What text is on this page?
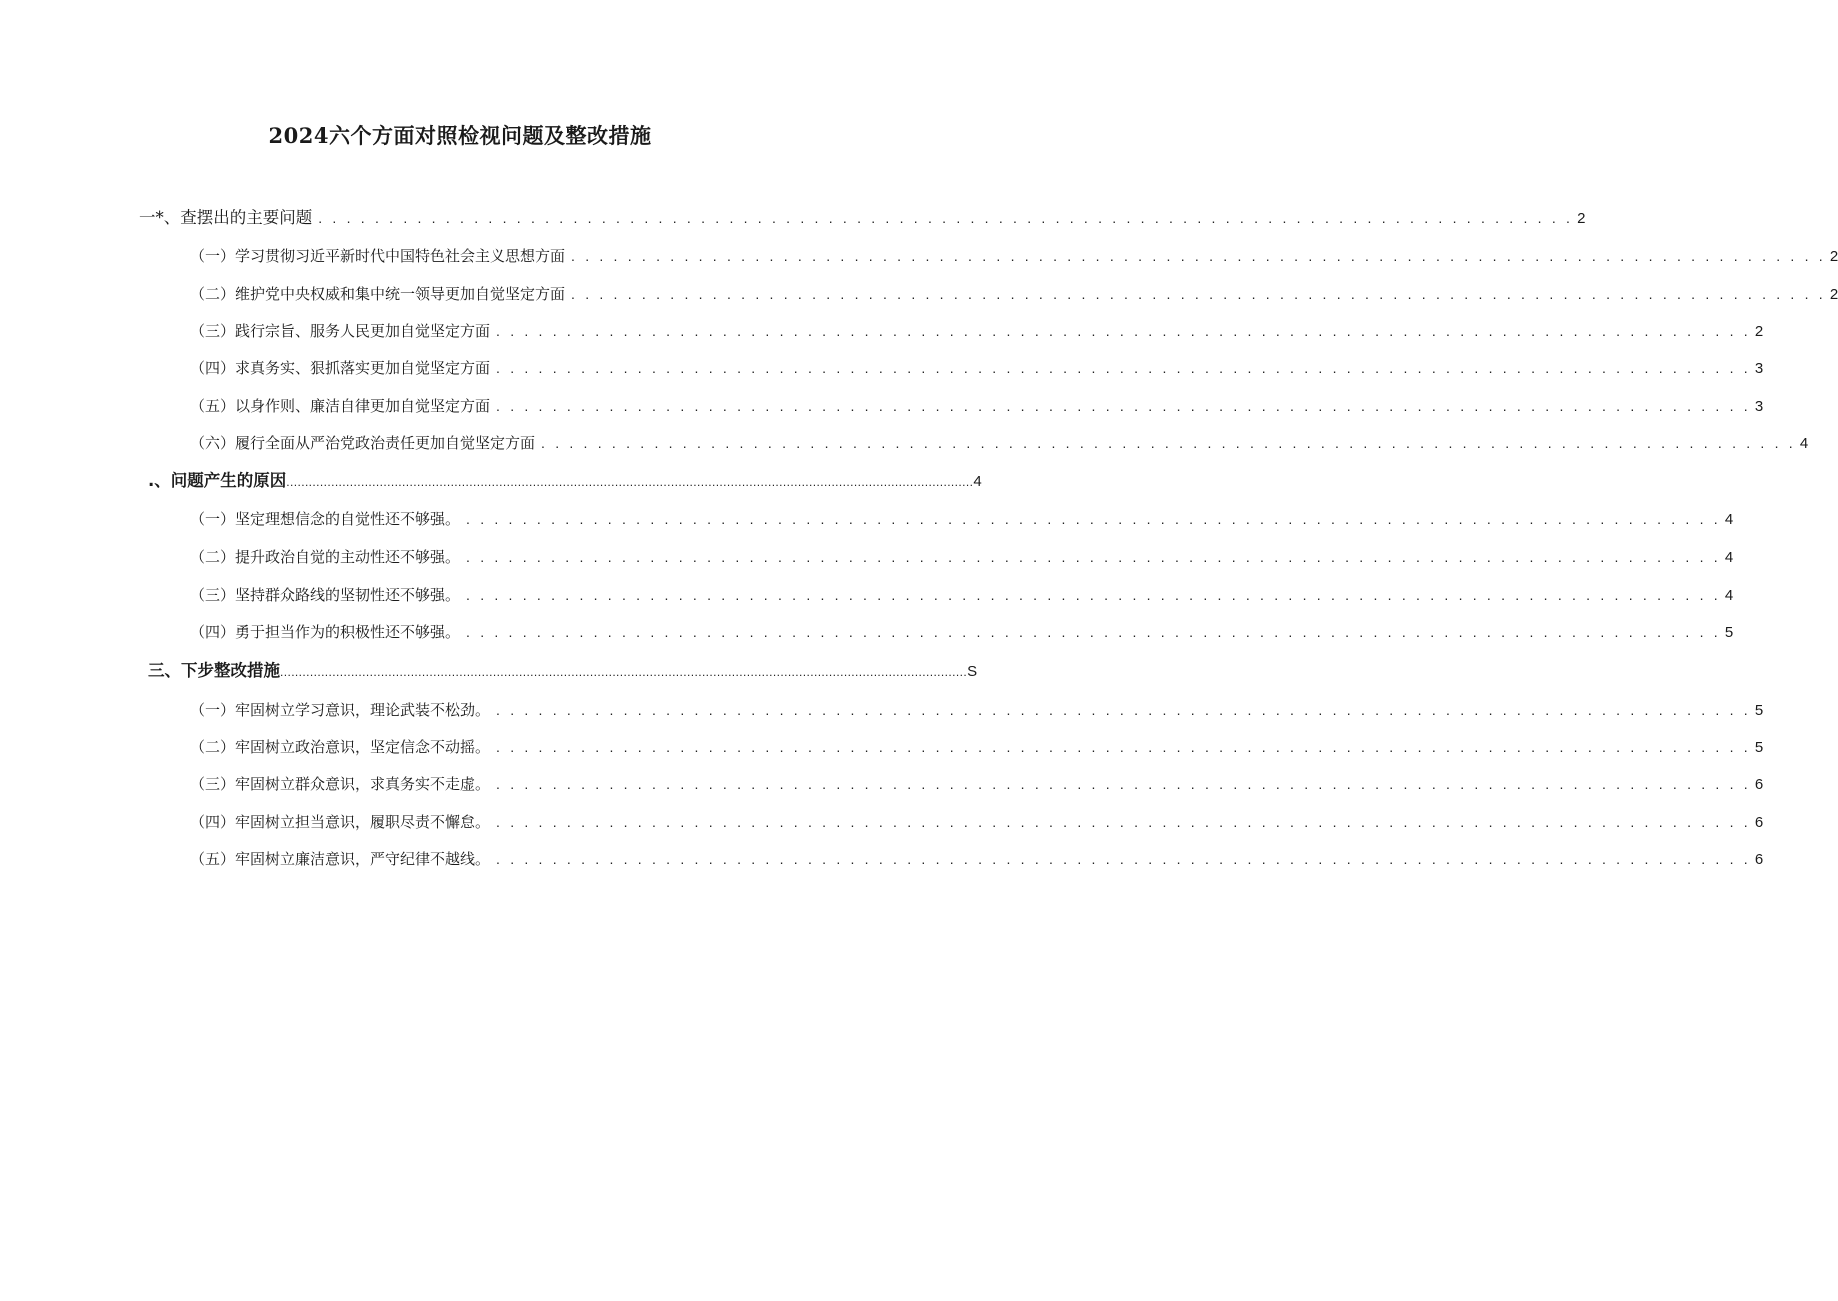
2024六个方面对照检视问题及整改措施
一*、查摆出的主要问题 . . . . . . . . . . . . . . . . . . . . . . . . . . . . . . . . . . . . . . . . . . . . . . . . . . . . . . . . . . . . . . . . . . . . . . . . . . . . . . . . . . . . . . . . . 2
（一）学习贯彻习近平新时代中国特色社会主义思想方面 . . . . . . . . . . . . . . . . . . . . . . . . . . . . . . . . . . . . . . . . . . . . . . . . . . . . . . . . . . . . . . . . . . . . . . . . . . . . . . . . . . . . . . . . . 2
（二）维护党中央权威和集中统一领导更加自觉坚定方面 . . . . . . . . . . . . . . . . . . . . . . . . . . . . . . . . . . . . . . . . . . . . . . . . . . . . . . . . . . . . . . . . . . . . . . . . . . . . . . . . . . . . . . . . . 2
（三）践行宗旨、服务人民更加自觉坚定方面 . . . . . . . . . . . . . . . . . . . . . . . . . . . . . . . . . . . . . . . . . . . . . . . . . . . . . . . . . . . . . . . . . . . . . . . . . . . . . . . . . . . . . . . . . 2
（四）求真务实、狠抓落实更加自觉坚定方面 . . . . . . . . . . . . . . . . . . . . . . . . . . . . . . . . . . . . . . . . . . . . . . . . . . . . . . . . . . . . . . . . . . . . . . . . . . . . . . . . . . . . . . . . . 3
（五）以身作则、廉洁自律更加自觉坚定方面 . . . . . . . . . . . . . . . . . . . . . . . . . . . . . . . . . . . . . . . . . . . . . . . . . . . . . . . . . . . . . . . . . . . . . . . . . . . . . . . . . . . . . . . . . 3
（六）履行全面从严治党政治责任更加自觉坚定方面 . . . . . . . . . . . . . . . . . . . . . . . . . . . . . . . . . . . . . . . . . . . . . . . . . . . . . . . . . . . . . . . . . . . . . . . . . . . . . . . . . . . . . . . . . 4
.、问题产生的原因 ........................................................................................................................................................................................ 4
（一）坚定理想信念的自觉性还不够强。 . . . . . . . . . . . . . . . . . . . . . . . . . . . . . . . . . . . . . . . . . . . . . . . . . . . . . . . . . . . . . . . . . . . . . . . . . . . . . . . . . . . . . . . . . 4
（二）提升政治自觉的主动性还不够强。 . . . . . . . . . . . . . . . . . . . . . . . . . . . . . . . . . . . . . . . . . . . . . . . . . . . . . . . . . . . . . . . . . . . . . . . . . . . . . . . . . . . . . . . . . 4
（三）坚持群众路线的坚韧性还不够强。 . . . . . . . . . . . . . . . . . . . . . . . . . . . . . . . . . . . . . . . . . . . . . . . . . . . . . . . . . . . . . . . . . . . . . . . . . . . . . . . . . . . . . . . . . 4
（四）勇于担当作为的积极性还不够强。 . . . . . . . . . . . . . . . . . . . . . . . . . . . . . . . . . . . . . . . . . . . . . . . . . . . . . . . . . . . . . . . . . . . . . . . . . . . . . . . . . . . . . . . . . 5
三、下步整改措施 ........................................................................................................................................................................................ S
（一）牢固树立学习意识，理论武装不松劲。 . . . . . . . . . . . . . . . . . . . . . . . . . . . . . . . . . . . . . . . . . . . . . . . . . . . . . . . . . . . . . . . . . . . . . . . . . . . . . . . . . . . . . . . . . 5
（二）牢固树立政治意识，坚定信念不动摇。 . . . . . . . . . . . . . . . . . . . . . . . . . . . . . . . . . . . . . . . . . . . . . . . . . . . . . . . . . . . . . . . . . . . . . . . . . . . . . . . . . . . . . . . . . 5
（三）牢固树立群众意识，求真务实不走虚。 . . . . . . . . . . . . . . . . . . . . . . . . . . . . . . . . . . . . . . . . . . . . . . . . . . . . . . . . . . . . . . . . . . . . . . . . . . . . . . . . . . . . . . . . . 6
（四）牢固树立担当意识，履职尽责不懈怠。 . . . . . . . . . . . . . . . . . . . . . . . . . . . . . . . . . . . . . . . . . . . . . . . . . . . . . . . . . . . . . . . . . . . . . . . . . . . . . . . . . . . . . . . . . 6
（五）牢固树立廉洁意识，严守纪律不越线。 . . . . . . . . . . . . . . . . . . . . . . . . . . . . . . . . . . . . . . . . . . . . . . . . . . . . . . . . . . . . . . . . . . . . . . . . . . . . . . . . . . . . . . . . . 6
